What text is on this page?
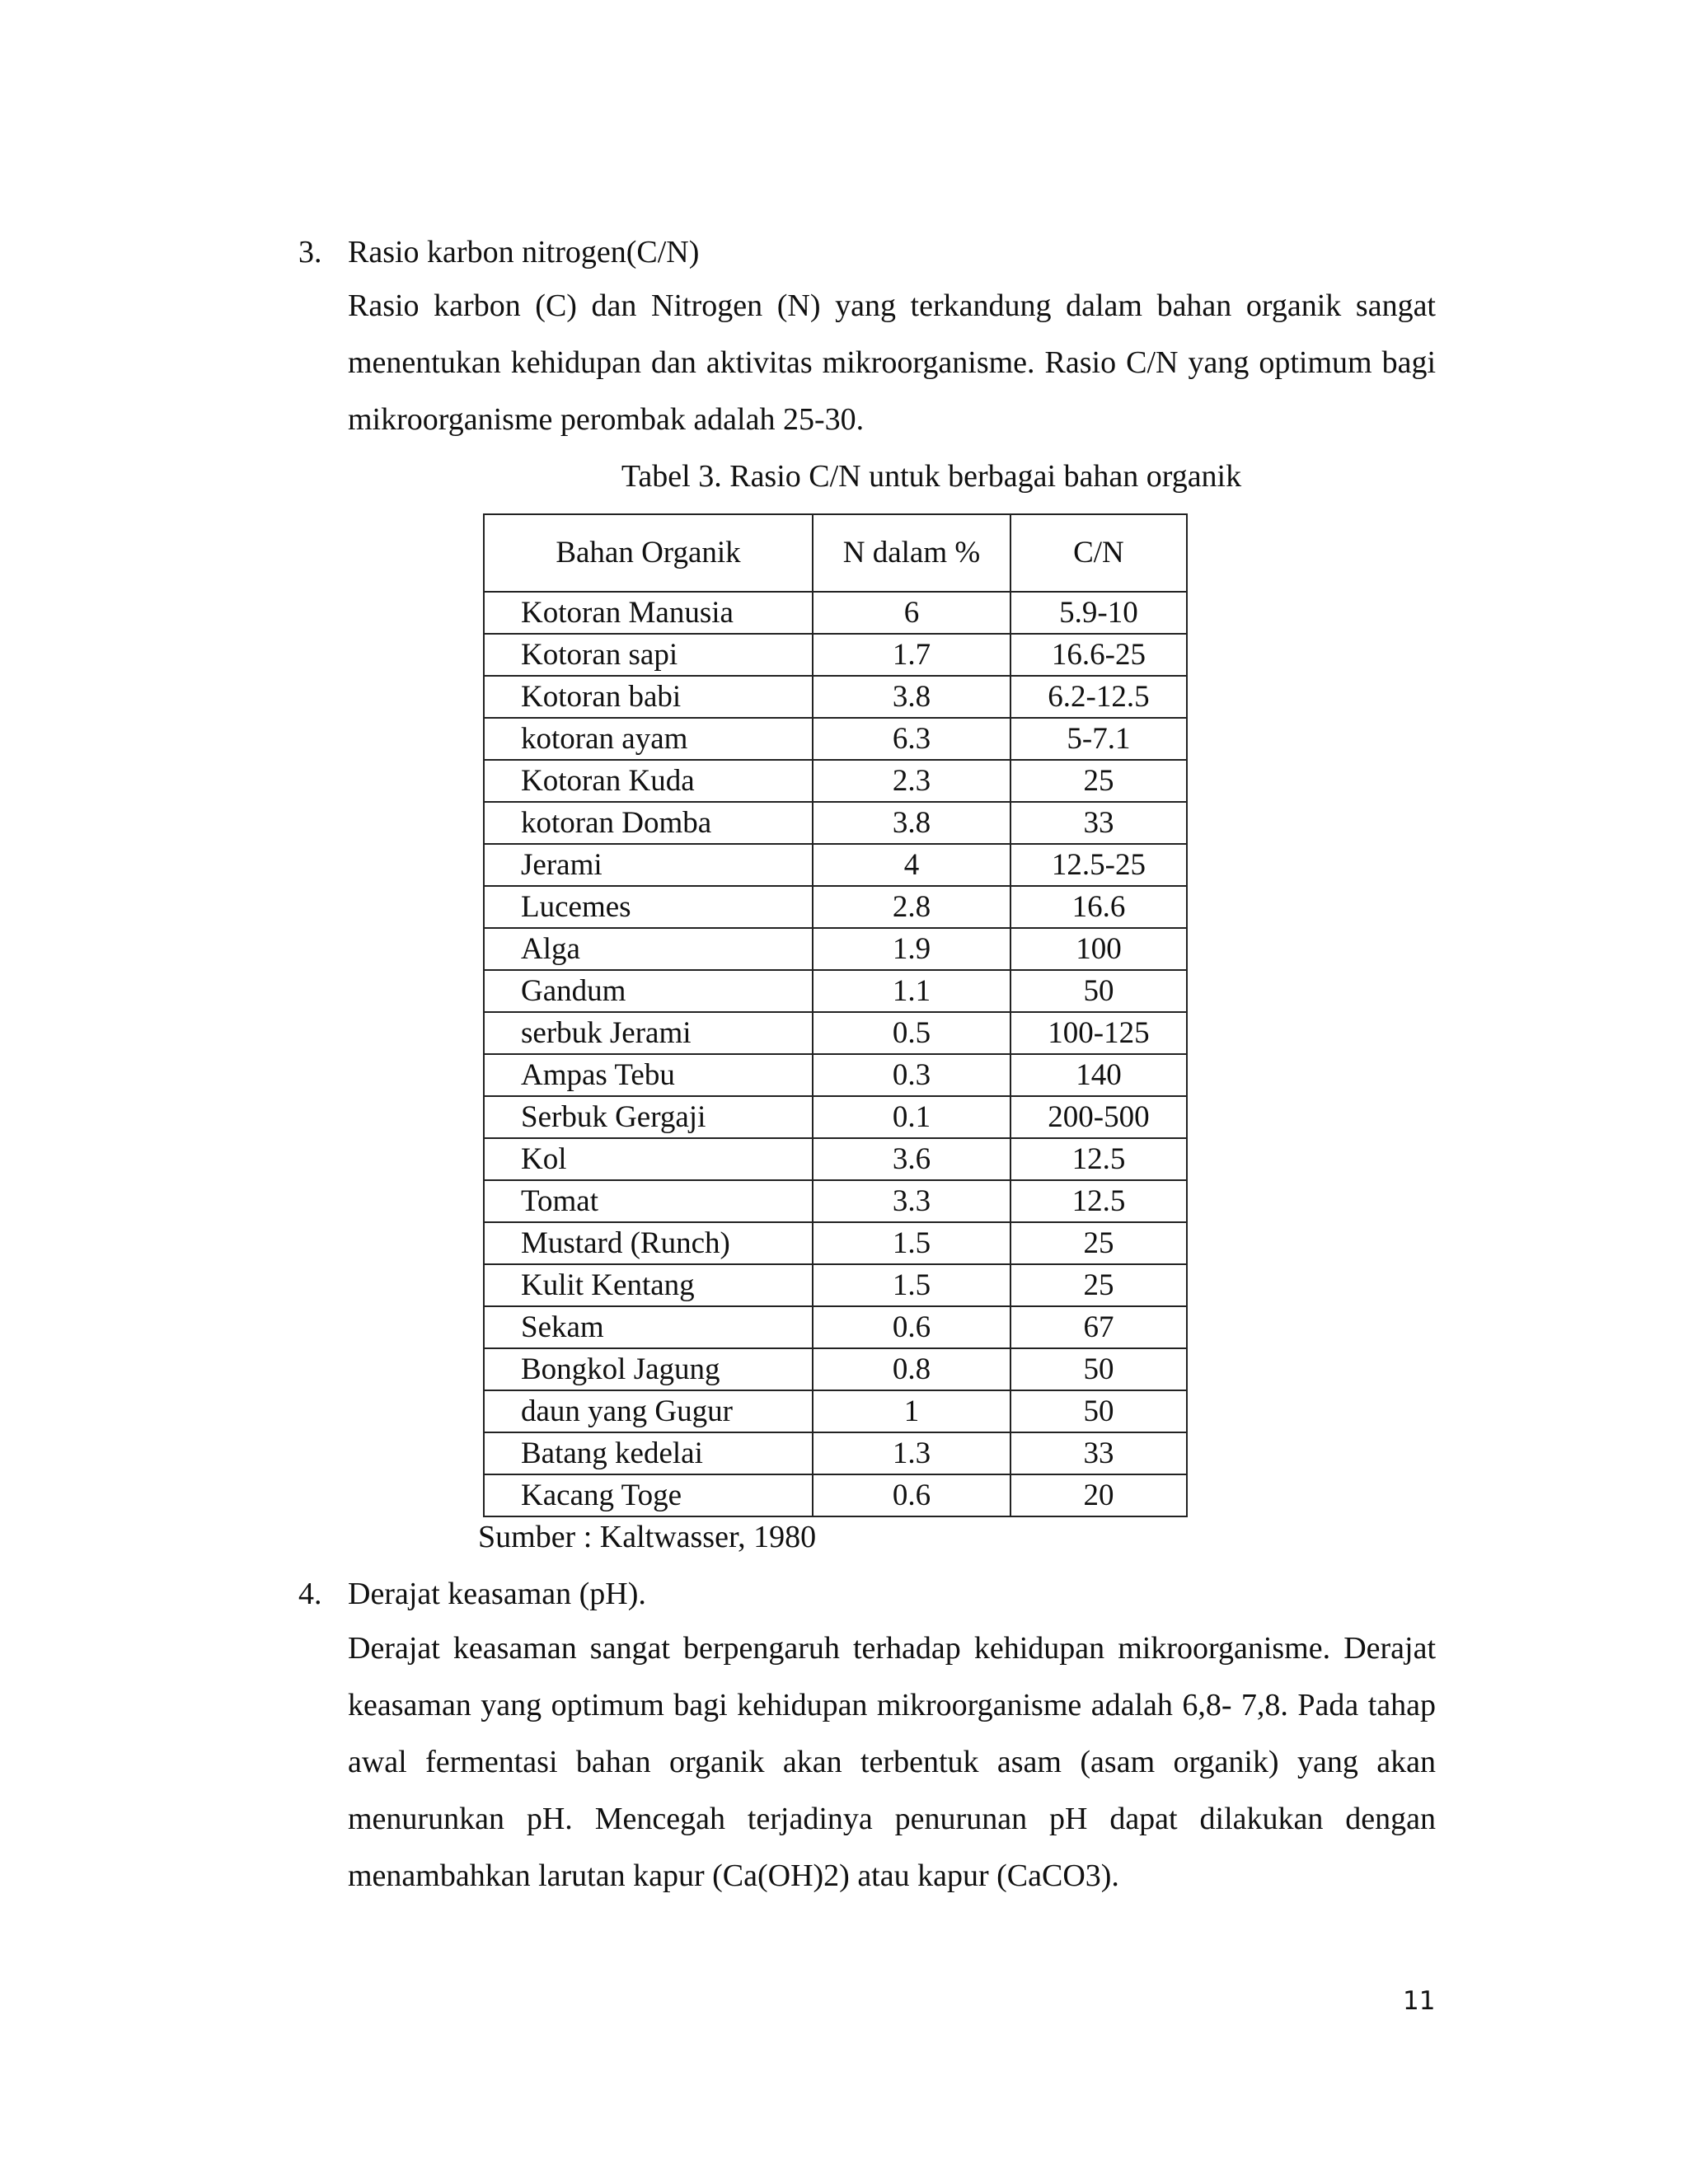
3. Rasio karbon nitrogen(C/N)
Rasio karbon (C) dan Nitrogen (N) yang terkandung dalam bahan organik sangat menentukan kehidupan dan aktivitas mikroorganisme. Rasio C/N yang optimum bagi mikroorganisme perombak adalah 25-30.
Tabel 3. Rasio C/N untuk berbagai bahan organik
Bahan Organik	N dalam %	C/N
Kotoran Manusia	6	5.9-10
Kotoran sapi	1.7	16.6-25
Kotoran babi	3.8	6.2-12.5
kotoran ayam	6.3	5-7.1
Kotoran Kuda	2.3	25
kotoran Domba	3.8	33
Jerami	4	12.5-25
Lucemes	2.8	16.6
Alga	1.9	100
Gandum	1.1	50
serbuk Jerami	0.5	100-125
Ampas Tebu	0.3	140
Serbuk Gergaji	0.1	200-500
Kol	3.6	12.5
Tomat	3.3	12.5
Mustard (Runch)	1.5	25
Kulit Kentang	1.5	25
Sekam	0.6	67
Bongkol Jagung	0.8	50
daun yang Gugur	1	50
Batang kedelai	1.3	33
Kacang Toge	0.6	20
Sumber : Kaltwasser, 1980
4. Derajat keasaman (pH).
Derajat keasaman sangat berpengaruh terhadap kehidupan mikroorganisme. Derajat keasaman yang optimum bagi kehidupan mikroorganisme adalah 6,8- 7,8. Pada tahap awal fermentasi bahan organik akan terbentuk asam (asam organik) yang akan menurunkan pH. Mencegah terjadinya penurunan pH dapat dilakukan dengan menambahkan larutan kapur (Ca(OH)2) atau kapur (CaCO3).
11
